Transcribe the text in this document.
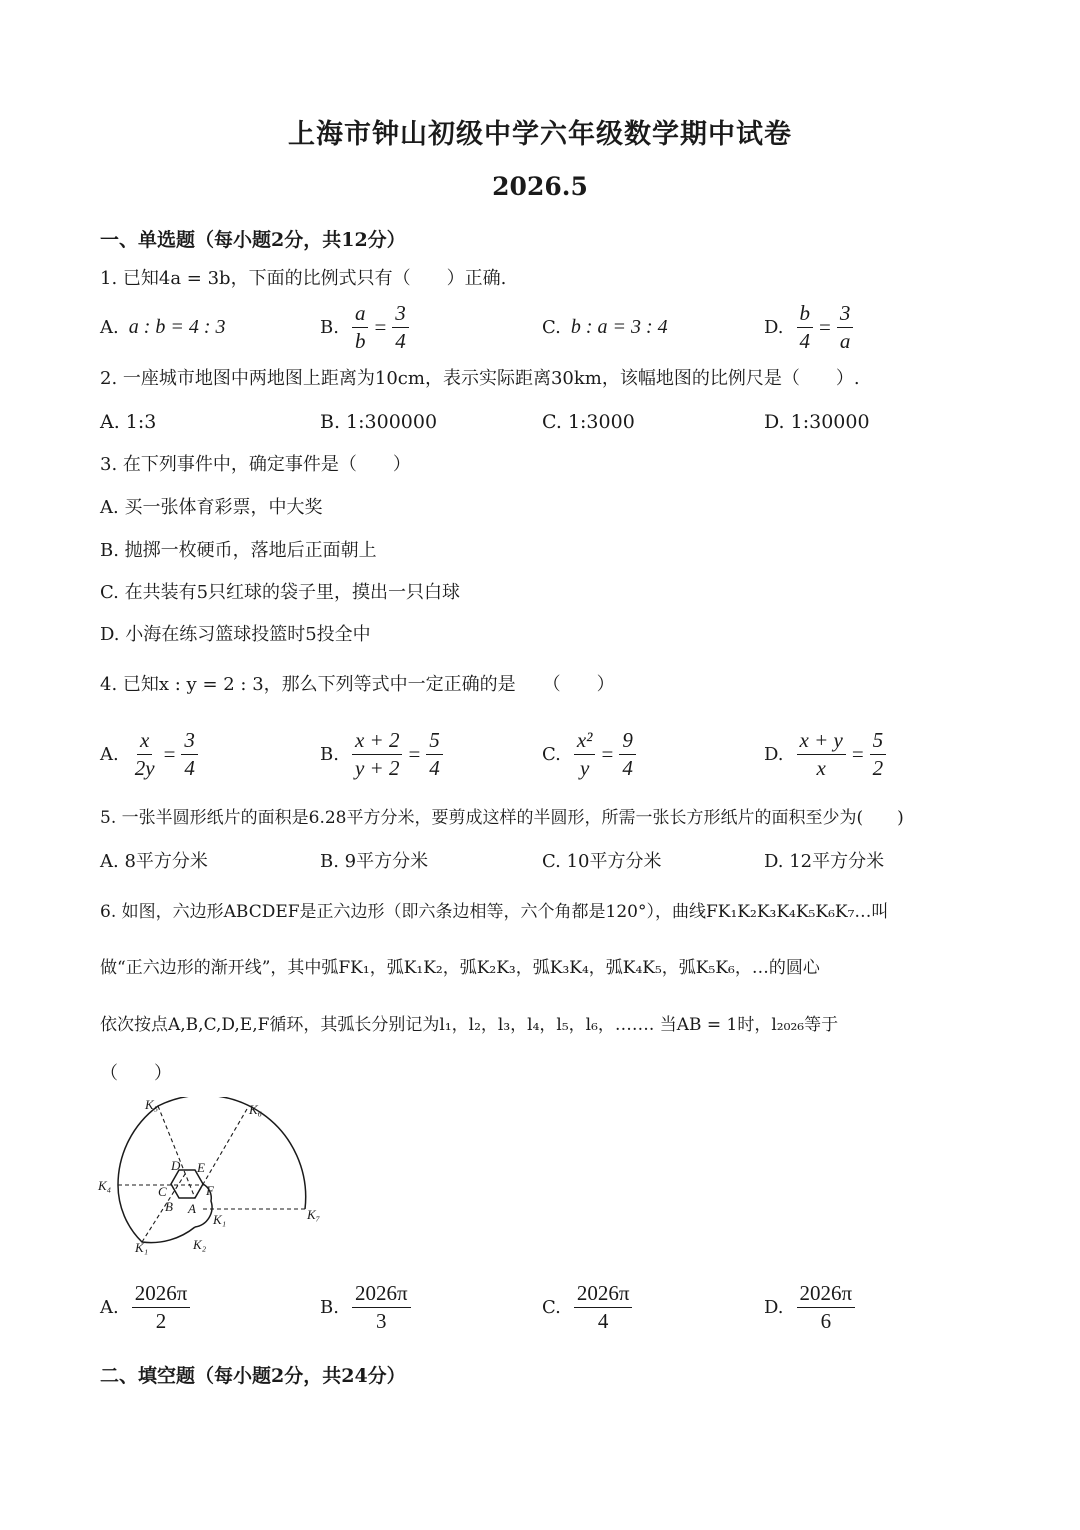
上海市钟山初级中学六年级数学期中试卷
2026.5
一、单选题（每小题2分，共12分）
1. 已知4a = 3b，下面的比例式只有（　　）正确.
A. a : b = 4 : 3	B. $\frac{a}{b} = \frac{3}{4}$	C. b : a = 3 : 4	D. $\frac{b}{4} = \frac{3}{a}$
2. 一座城市地图中两地图上距离为10cm，表示实际距离30km，该幅地图的比例尺是（　　）.
A. 1:3	B. 1:300000	C. 1:3000	D. 1:30000
3. 在下列事件中，确定事件是（　　）
A. 买一张体育彩票，中大奖
B. 抛掷一枚硬币，落地后正面朝上
C. 在共装有5只红球的袋子里，摸出一只白球
D. 小海在练习篮球投篮时5投全中
4. 已知x : y = 2 : 3，那么下列等式中一定正确的是　　（　　）
A. $\frac{x}{2y} = \frac{3}{4}$	B. $\frac{x + 2}{y + 2} = \frac{5}{4}$	C. $\frac{\text{x²}}{y} = \frac{9}{4}$	D. $\frac{x + y}{x} = \frac{5}{2}$
5. 一张半圆形纸片的面积是6.28平方分米，要剪成这样的半圆形，所需一张长方形纸片的面积至少为(　　)
A. 8平方分米	B. 9平方分米	C. 10平方分米	D. 12平方分米
6. 如图，六边形ABCDEF是正六边形（即六条边相等，六个角都是120°），曲线FK₁K₂K₃K₄K₅K₆K₇…叫
做“正六边形的渐开线”，其中弧FK₁，弧K₁K₂，弧K₂K₃，弧K₃K₄，弧K₄K₅，弧K₅K₆，…的圆心
依次按点A,B,C,D,E,F循环，其弧长分别记为l₁，l₂，l₃，l₄，l₅，l₆，……. 当AB = 1时，l₂₀₂₆等于
（　　）
K₅	K₆
K₄
K₇
K₁
K₁	K₂
A
B
C
D E
F
A. $\frac{2026\pi}{2}$	B. $\frac{2026\pi}{3}$	C. $\frac{2026\pi}{4}$	D. $\frac{2026\pi}{6}$
二、填空题（每小题2分，共24分）
